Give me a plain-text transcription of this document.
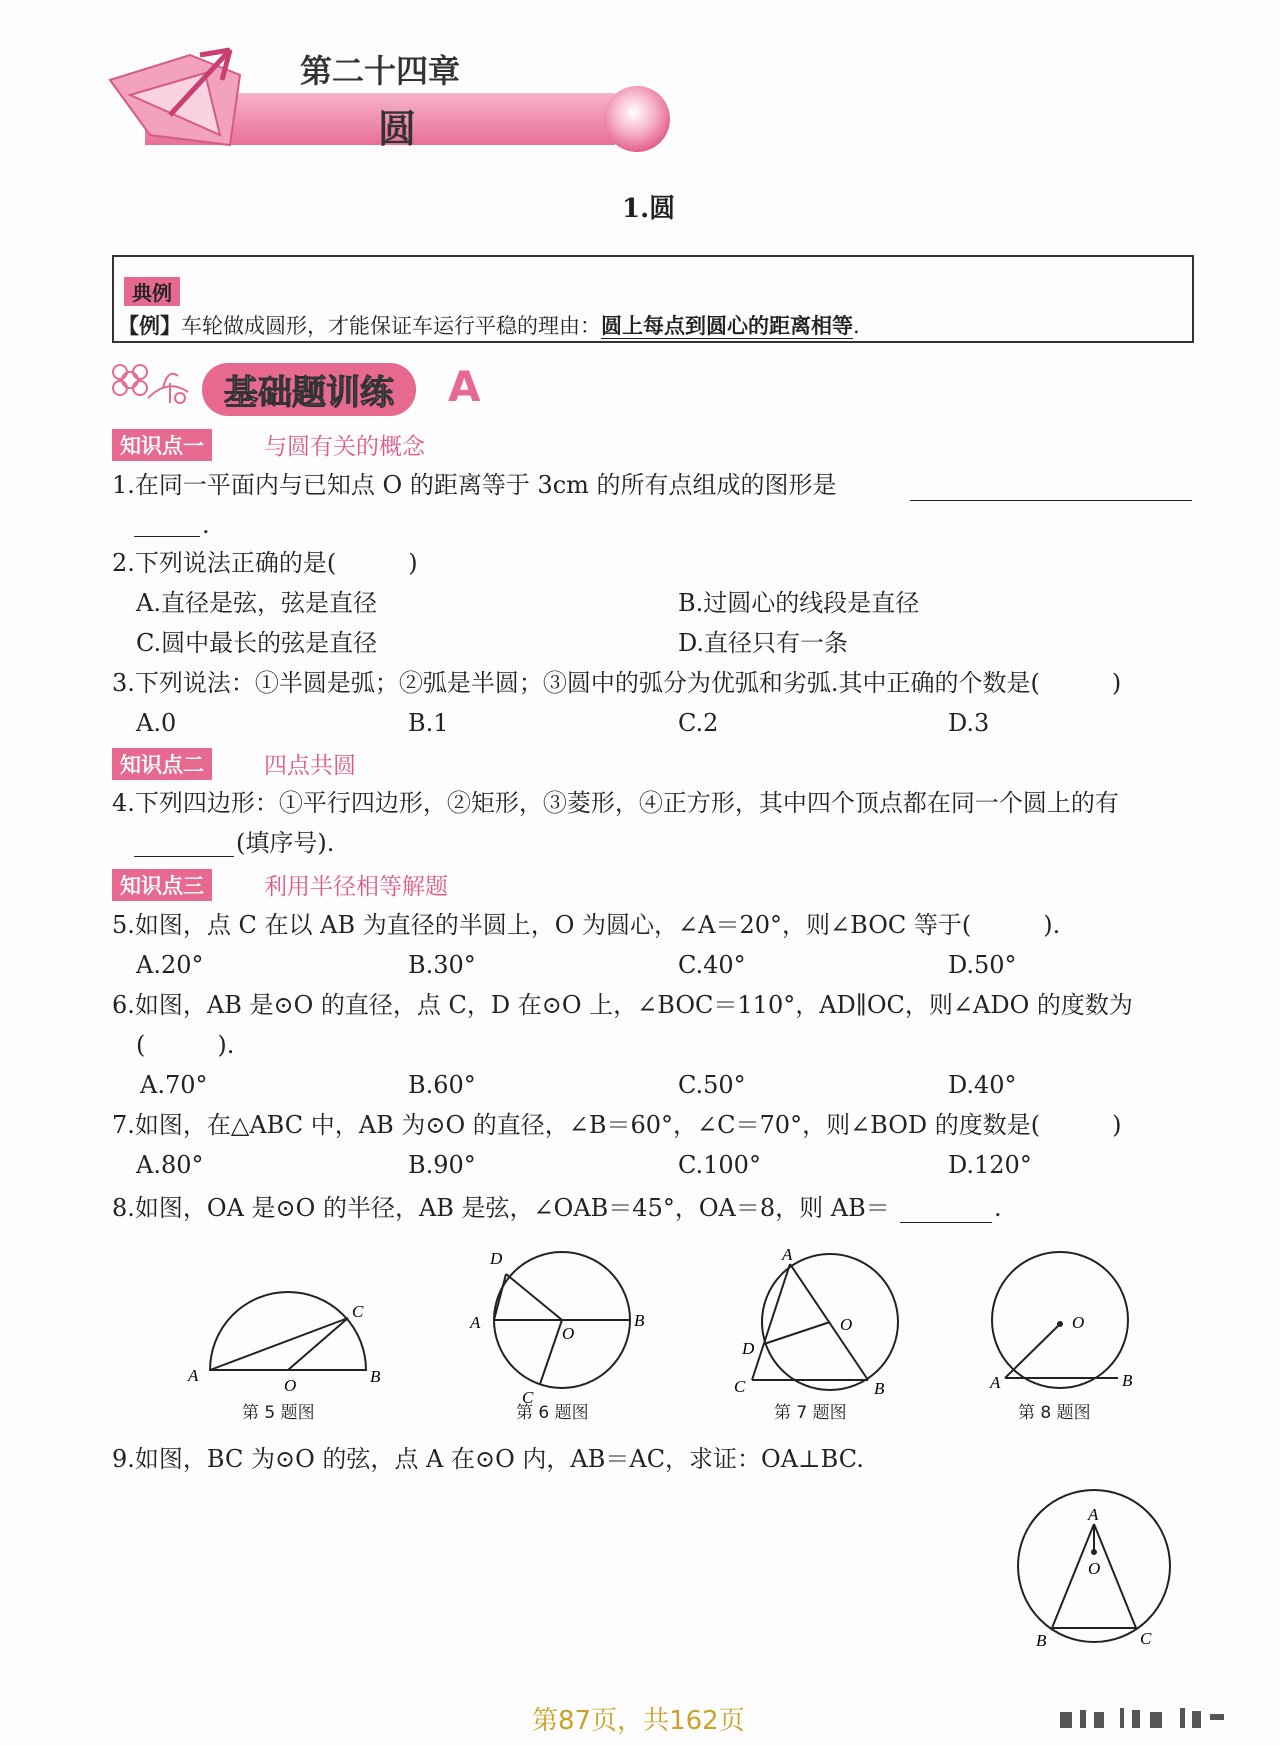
第二十四章
圆
1.圆
典例
【例】车轮做成圆形，才能保证车运行平稳的理由：圆上每点到圆心的距离相等.
基础题训练	A
知识点一	与圆有关的概念
1.在同一平面内与已知点 O 的距离等于 3cm 的所有点组成的图形是
.
2.下列说法正确的是(　　　)
A.直径是弦，弦是直径	B.过圆心的线段是直径
C.圆中最长的弦是直径	D.直径只有一条
3.下列说法：①半圆是弧；②弧是半圆；③圆中的弧分为优弧和劣弧.其中正确的个数是(　　　)
A.0	B.1	C.2	D.3
知识点二	四点共圆
4.下列四边形：①平行四边形，②矩形，③菱形，④正方形，其中四个顶点都在同一个圆上的有
(填序号).
知识点三	利用半径相等解题
5.如图，点 C 在以 AB 为直径的半圆上，O 为圆心，∠A＝20°，则∠BOC 等于(　　　).
A.20°	B.30°	C.40°	D.50°
6.如图，AB 是⊙O 的直径，点 C，D 在⊙O 上，∠BOC＝110°，AD∥OC，则∠ADO 的度数为
(　　　).
A.70°	B.60°	C.50°	D.40°
7.如图，在△ABC 中，AB 为⊙O 的直径，∠B＝60°，∠C＝70°，则∠BOD 的度数是(　　　)
A.80°	B.90°	C.100°	D.120°
8.如图，OA 是⊙O 的半径，AB 是弦，∠OAB＝45°，OA＝8，则 AB＝	.
A
O	B
C
第 5 题图
D
A
O
B
C
第 6 题图
A
O
D
C	B
第 7 题图
O
A	B
第 8 题图
9.如图，BC 为⊙O 的弦，点 A 在⊙O 内，AB＝AC，求证：OA⊥BC.
A
O
B	C
第87页，共162页
